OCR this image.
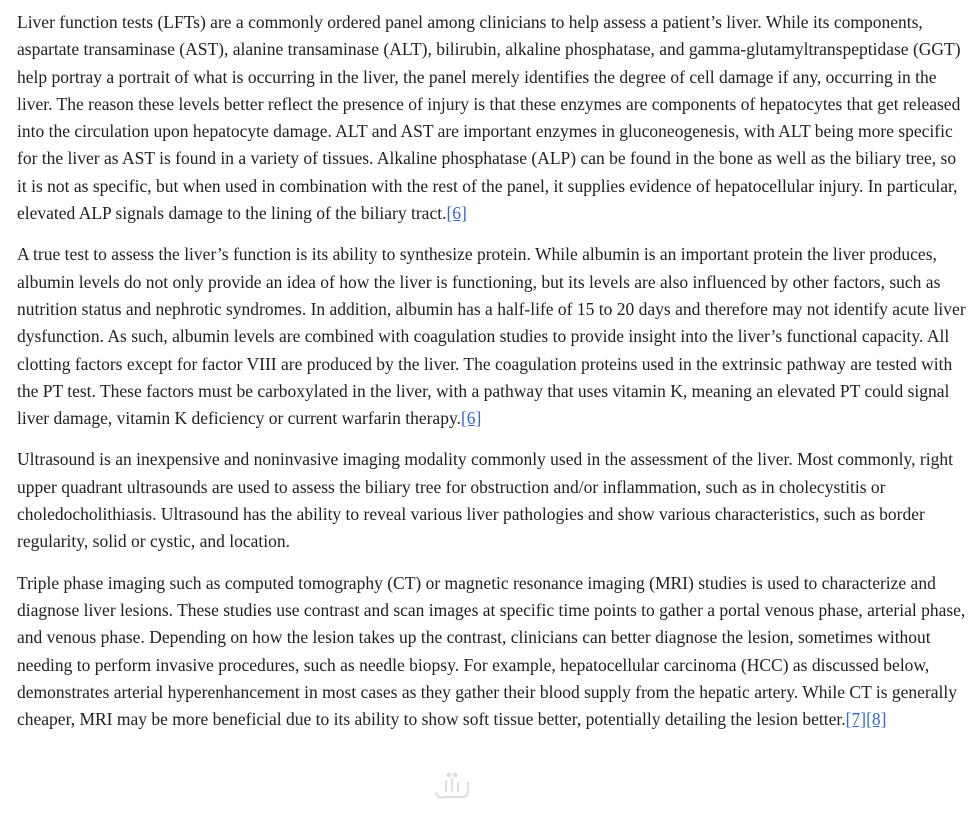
Liver function tests (LFTs) are a commonly ordered panel among clinicians to help assess a patient’s liver. While its components, aspartate transaminase (AST), alanine transaminase (ALT), bilirubin, alkaline phosphatase, and gamma-glutamyltranspeptidase (GGT) help portray a portrait of what is occurring in the liver, the panel merely identifies the degree of cell damage if any, occurring in the liver. The reason these levels better reflect the presence of injury is that these enzymes are components of hepatocytes that get released into the circulation upon hepatocyte damage. ALT and AST are important enzymes in gluconeogenesis, with ALT being more specific for the liver as AST is found in a variety of tissues. Alkaline phosphatase (ALP) can be found in the bone as well as the biliary tree, so it is not as specific, but when used in combination with the rest of the panel, it supplies evidence of hepatocellular injury. In particular, elevated ALP signals damage to the lining of the biliary tract.[6]

A true test to assess the liver’s function is its ability to synthesize protein. While albumin is an important protein the liver produces, albumin levels do not only provide an idea of how the liver is functioning, but its levels are also influenced by other factors, such as nutrition status and nephrotic syndromes. In addition, albumin has a half-life of 15 to 20 days and therefore may not identify acute liver dysfunction. As such, albumin levels are combined with coagulation studies to provide insight into the liver’s functional capacity. All clotting factors except for factor VIII are produced by the liver. The coagulation proteins used in the extrinsic pathway are tested with the PT test. These factors must be carboxylated in the liver, with a pathway that uses vitamin K, meaning an elevated PT could signal liver damage, vitamin K deficiency or current warfarin therapy.[6]

Ultrasound is an inexpensive and noninvasive imaging modality commonly used in the assessment of the liver. Most commonly, right upper quadrant ultrasounds are used to assess the biliary tree for obstruction and/or inflammation, such as in cholecystitis or choledocholithiasis. Ultrasound has the ability to reveal various liver pathologies and show various characteristics, such as border regularity, solid or cystic, and location.

Triple phase imaging such as computed tomography (CT) or magnetic resonance imaging (MRI) studies is used to characterize and diagnose liver lesions. These studies use contrast and scan images at specific time points to gather a portal venous phase, arterial phase, and venous phase. Depending on how the lesion takes up the contrast, clinicians can better diagnose the lesion, sometimes without needing to perform invasive procedures, such as needle biopsy. For example, hepatocellular carcinoma (HCC) as discussed below, demonstrates arterial hyperenhancement in most cases as they gather their blood supply from the hepatic artery. While CT is generally cheaper, MRI may be more beneficial due to its ability to show soft tissue better, potentially detailing the lesion better.[7][8]
